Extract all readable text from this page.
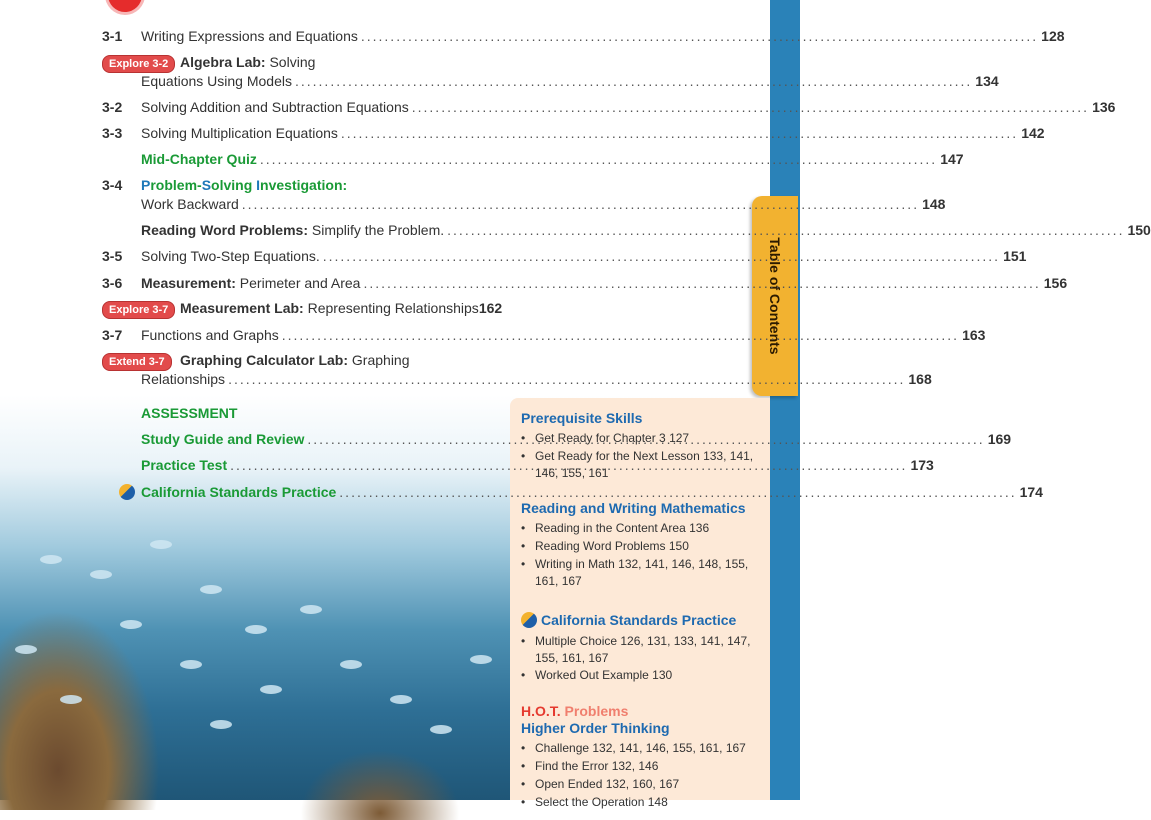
Table of Contents
3-1 Writing Expressions and Equations .....	128
Explore 3-2 Algebra Lab: Solving
Equations Using Models .....	134
3-2 Solving Addition and Subtraction Equations .....	136
3-3 Solving Multiplication Equations .....	142
Mid-Chapter Quiz .....	147
3-4 Problem-Solving Investigation:
Work Backward .....	148
Reading Word Problems: Simplify the Problem. .....	150
3-5 Solving Two-Step Equations. .....	151
3-6 Measurement: Perimeter and Area .....	156
Explore 3-7 Measurement Lab: Representing Relationships 162
3-7 Functions and Graphs .....	163
Extend 3-7	Graphing Calculator Lab: Graphing
Relationships .....	168
ASSESSMENT
Study Guide and Review .....	169
Practice Test .....	173
California Standards Practice .....	174
Prerequisite Skills
• Get Ready for Chapter 3 127
• Get Ready for the Next Lesson 133, 141, 146, 155, 161
Reading and Writing Mathematics
• Reading in the Content Area 136
• Reading Word Problems 150
• Writing in Math 132, 141, 146, 148, 155, 161, 167
California Standards Practice
• Multiple Choice 126, 131, 133, 141, 147, 155, 161, 167
• Worked Out Example 130
H.O.T. Problems
Higher Order Thinking
• Challenge 132, 141, 146, 155, 161, 167
• Find the Error 132, 146
• Open Ended 132, 160, 167
• Select the Operation 148
